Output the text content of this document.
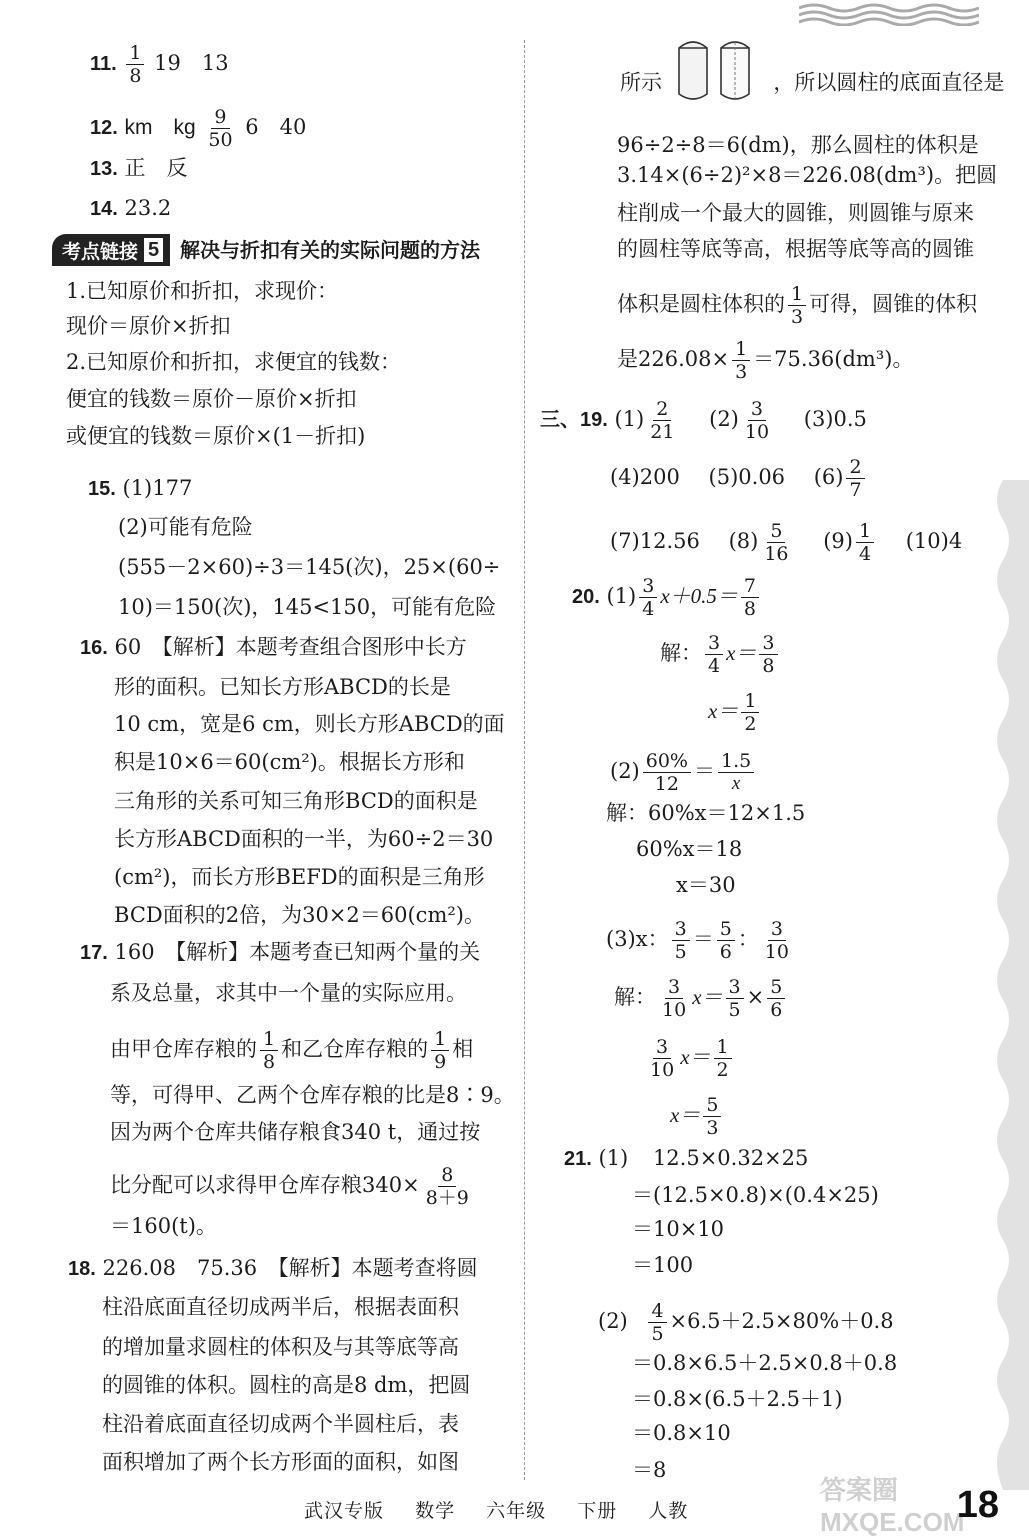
11. $\frac{1}{8} 19$　13
12. km　kg $\frac{9}{50} 6$　40
13. 正　反
14. 23.2
考点链接 5 解决与折扣有关的实际问题的方法
1.已知原价和折扣，求现价：
现价＝原价×折扣
2.已知原价和折扣，求便宜的钱数：
便宜的钱数＝原价－原价×折扣
或便宜的钱数＝原价×(1－折扣)
15. (1)177
(2)可能有危险
(555－2×60)÷3＝145(次)，25×(60÷
10)＝150(次)，145<150，可能有危险
16. 60　【解析】本题考查组合图形中长方
形的面积。已知长方形ABCD的长是
10 cm，宽是6 cm，则长方形ABCD的面
积是10×6＝60(cm²)。根据长方形和
三角形的关系可知三角形BCD的面积是
长方形ABCD面积的一半，为60÷2＝30
(cm²)，而长方形BEFD的面积是三角形
BCD面积的2倍，为30×2＝60(cm²)。
17. 160　【解析】本题考查已知两个量的关
系及总量，求其中一个量的实际应用。
由甲仓库存粮的 $\frac{1}{8}$ 和乙仓库存粮的 $\frac{1}{9}$ 相
等，可得甲、乙两个仓库存粮的比是8∶9。
因为两个仓库共储存粮食340 t，通过按
比分配可以求得甲仓库存粮$340\times \frac{8}{8+9}$
＝160(t)。
18. 226.08　75.36　【解析】本题考查将圆
柱沿底面直径切成两半后，根据表面积
的增加量求圆柱的体积及与其等底等高
的圆锥的体积。圆柱的高是8 dm，把圆
柱沿着底面直径切成两个半圆柱后，表
面积增加了两个长方形面的面积，如图
所示	，所以圆柱的底面直径是
96÷2÷8＝6(dm)，那么圆柱的体积是
3.14×(6÷2)²×8＝226.08(dm³)。把圆
柱削成一个最大的圆锥，则圆锥与原来
的圆柱等底等高，根据等底等高的圆锥
体积是圆柱体积的 $\frac{1}{3}$ 可得，圆锥的体积
是$226.08\times \frac{1}{3} =75.36(dm^3)$。
三、19. $(1) \frac{2}{21} (2) \frac{3}{10} (3)0.5$
(4)200 (5)0.06 $(6) \frac{2}{7}$
(7)12.56 $(8) \frac{5}{16} (9) \frac{1}{4} (10)4$
20. $(1) \frac{3}{4} x+0.5= \frac{7}{8}$
解： $\frac{3}{4} x= \frac{3}{8}$
$x= \frac{1}{2}$
$(2) \frac{60\%}{12} = \frac{1.5}{x}$
解：60%x＝12×1.5
60%x＝18
x＝30
(3)x： $\frac{3}{5} = \frac{5}{6}$ ： $\frac{3}{10}$
解： $\frac{3}{10} x= \frac{3}{5} \times \frac{5}{6}$
$\frac{3}{10} x= \frac{1}{2}$
$x= \frac{5}{3}$
21. (1) 12.5×0.32×25
＝(12.5×0.8)×(0.4×25)
＝10×10
＝100
$(2) \frac{4}{5} \times 6.5+2.5\times 80\%+0.8$
＝0.8×6.5＋2.5×0.8＋0.8
＝0.8×(6.5＋2.5＋1)
＝0.8×10
＝8
武汉专版 数学 六年级 下册 人教
答案圈 MXQE.COM
18
